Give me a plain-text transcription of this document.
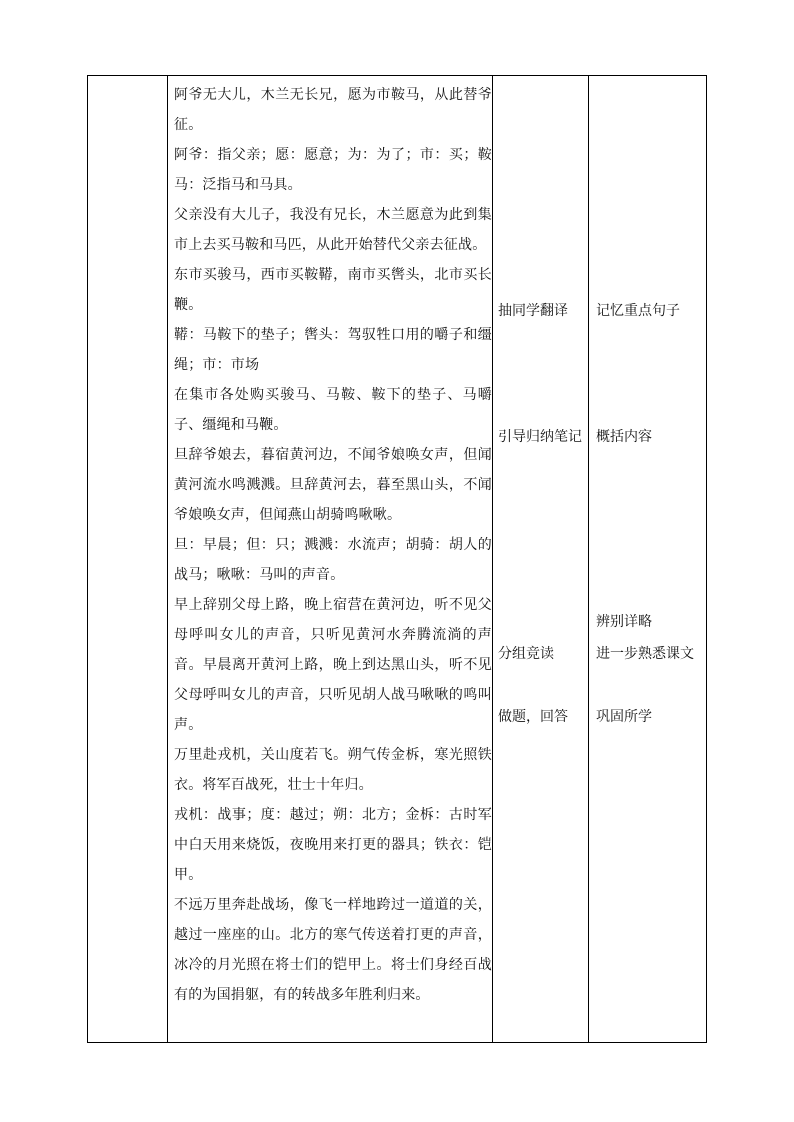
阿爷无大儿，木兰无长兄，愿为市鞍马，从此替爷征。

阿爷：指父亲；愿：愿意；为：为了；市：买；鞍马：泛指马和马具。

父亲没有大儿子，我没有兄长，木兰愿意为此到集市上去买马鞍和马匹，从此开始替代父亲去征战。

东市买骏马，西市买鞍鞯，南市买辔头，北市买长鞭。

鞯：马鞍下的垫子；辔头：驾驭牲口用的嚼子和缰绳；市：市场

在集市各处购买骏马、马鞍、鞍下的垫子、马嚼子、缰绳和马鞭。

旦辞爷娘去，暮宿黄河边，不闻爷娘唤女声，但闻黄河流水鸣溅溅。旦辞黄河去，暮至黑山头，不闻爷娘唤女声，但闻燕山胡骑鸣啾啾。

旦：早晨；但：只；溅溅：水流声；胡骑：胡人的战马；啾啾：马叫的声音。

早上辞别父母上路，晚上宿营在黄河边，听不见父母呼叫女儿的声音，只听见黄河水奔腾流淌的声音。早晨离开黄河上路，晚上到达黑山头，听不见父母呼叫女儿的声音，只听见胡人战马啾啾的鸣叫声。

万里赴戎机，关山度若飞。朔气传金柝，寒光照铁衣。将军百战死，壮士十年归。

戎机：战事；度：越过；朔：北方；金柝：古时军中白天用来烧饭，夜晚用来打更的器具；铁衣：铠甲。

不远万里奔赴战场，像飞一样地跨过一道道的关，越过一座座的山。北方的寒气传送着打更的声音，冰冷的月光照在将士们的铠甲上。将士们身经百战有的为国捐躯，有的转战多年胜利归来。

抽同学翻译
引导归纳笔记
分组竞读
做题，回答
记忆重点句子
概括内容
辨别详略
进一步熟悉课文
巩固所学
